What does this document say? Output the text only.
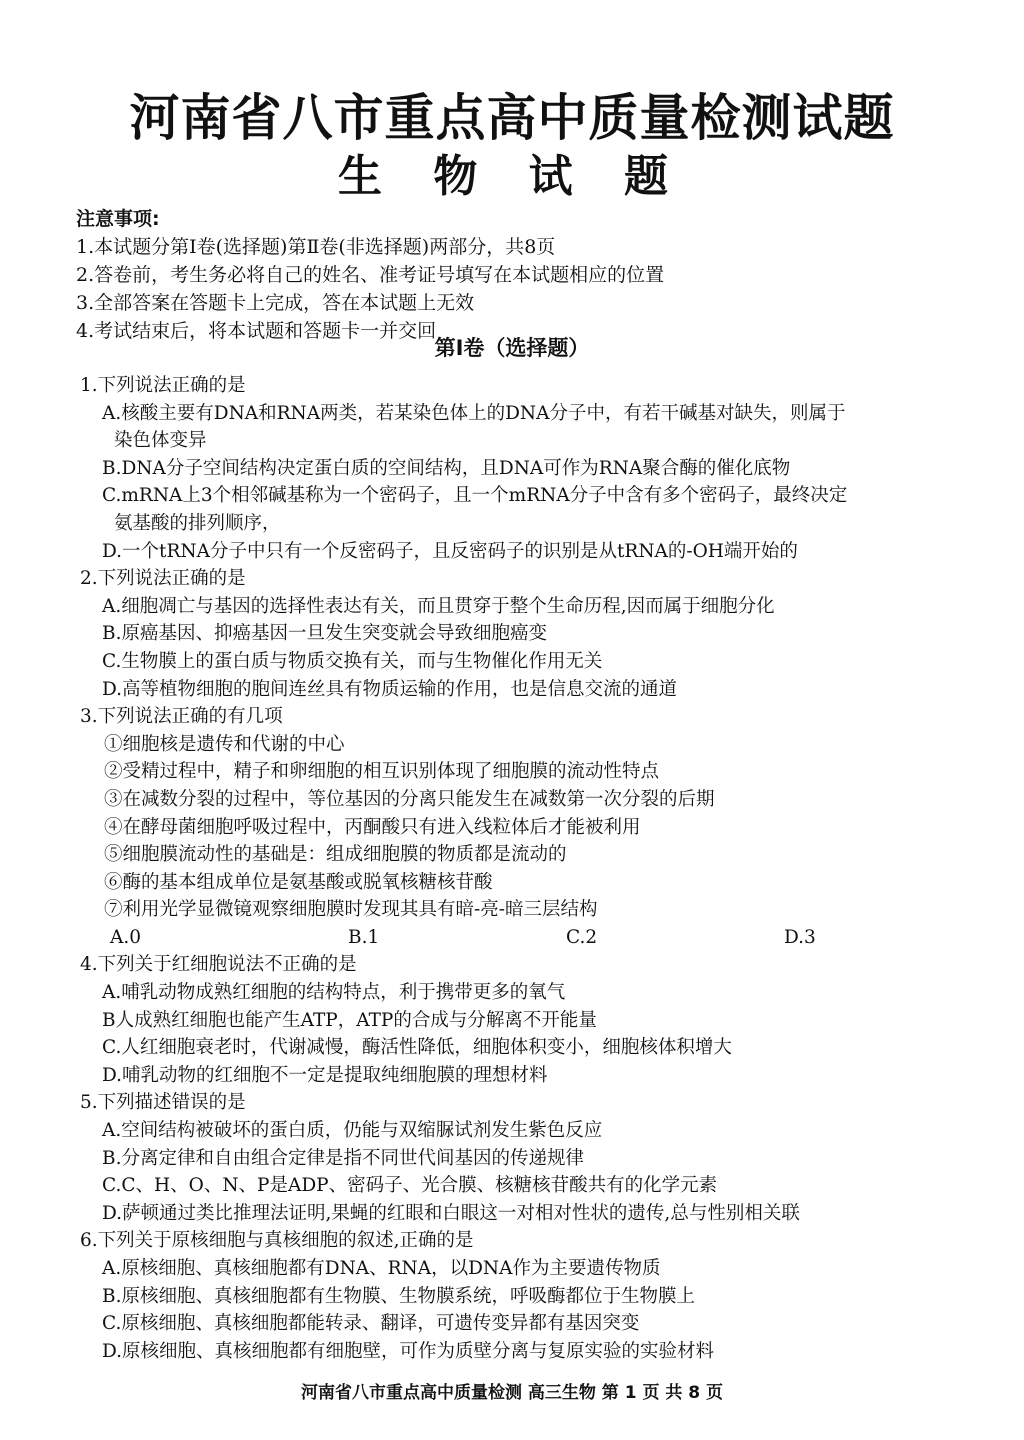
河南省八市重点高中质量检测试题
生 物 试 题
注意事项:
1.本试题分第Ⅰ卷(选择题)第Ⅱ卷(非选择题)两部分，共8页
2.答卷前，考生务必将自己的姓名、准考证号填写在本试题相应的位置
3.全部答案在答题卡上完成，答在本试题上无效
4.考试结束后，将本试题和答题卡一并交回
第Ⅰ卷（选择题）
1.下列说法正确的是
A.核酸主要有DNA和RNA两类，若某染色体上的DNA分子中，有若干碱基对缺失，则属于
染色体变异
B.DNA分子空间结构决定蛋白质的空间结构，且DNA可作为RNA聚合酶的催化底物
C.mRNA上3个相邻碱基称为一个密码子，且一个mRNA分子中含有多个密码子，最终决定
氨基酸的排列顺序，
D.一个tRNA分子中只有一个反密码子，且反密码子的识别是从tRNA的-OH端开始的
2.下列说法正确的是
A.细胞凋亡与基因的选择性表达有关，而且贯穿于整个生命历程,因而属于细胞分化
B.原癌基因、抑癌基因一旦发生突变就会导致细胞癌变
C.生物膜上的蛋白质与物质交换有关，而与生物催化作用无关
D.高等植物细胞的胞间连丝具有物质运输的作用，也是信息交流的通道
3.下列说法正确的有几项
①细胞核是遗传和代谢的中心
②受精过程中，精子和卵细胞的相互识别体现了细胞膜的流动性特点
③在减数分裂的过程中，等位基因的分离只能发生在减数第一次分裂的后期
④在酵母菌细胞呼吸过程中，丙酮酸只有进入线粒体后才能被利用
⑤细胞膜流动性的基础是：组成细胞膜的物质都是流动的
⑥酶的基本组成单位是氨基酸或脱氧核糖核苷酸
⑦利用光学显微镜观察细胞膜时发现其具有暗-亮-暗三层结构
A.0	B.1	C.2	D.3
4.下列关于红细胞说法不正确的是
A.哺乳动物成熟红细胞的结构特点，利于携带更多的氧气
B人成熟红细胞也能产生ATP，ATP的合成与分解离不开能量
C.人红细胞衰老时，代谢减慢，酶活性降低，细胞体积变小，细胞核体积增大
D.哺乳动物的红细胞不一定是提取纯细胞膜的理想材料
5.下列描述错误的是
A.空间结构被破坏的蛋白质，仍能与双缩脲试剂发生紫色反应
B.分离定律和自由组合定律是指不同世代间基因的传递规律
C.C、H、O、N、P是ADP、密码子、光合膜、核糖核苷酸共有的化学元素
D.萨顿通过类比推理法证明,果蝇的红眼和白眼这一对相对性状的遗传,总与性别相关联
6.下列关于原核细胞与真核细胞的叙述,正确的是
A.原核细胞、真核细胞都有DNA、RNA，以DNA作为主要遗传物质
B.原核细胞、真核细胞都有生物膜、生物膜系统，呼吸酶都位于生物膜上
C.原核细胞、真核细胞都能转录、翻译，可遗传变异都有基因突变
D.原核细胞、真核细胞都有细胞壁，可作为质壁分离与复原实验的实验材料
河南省八市重点高中质量检测 高三生物 第 1 页 共 8 页
